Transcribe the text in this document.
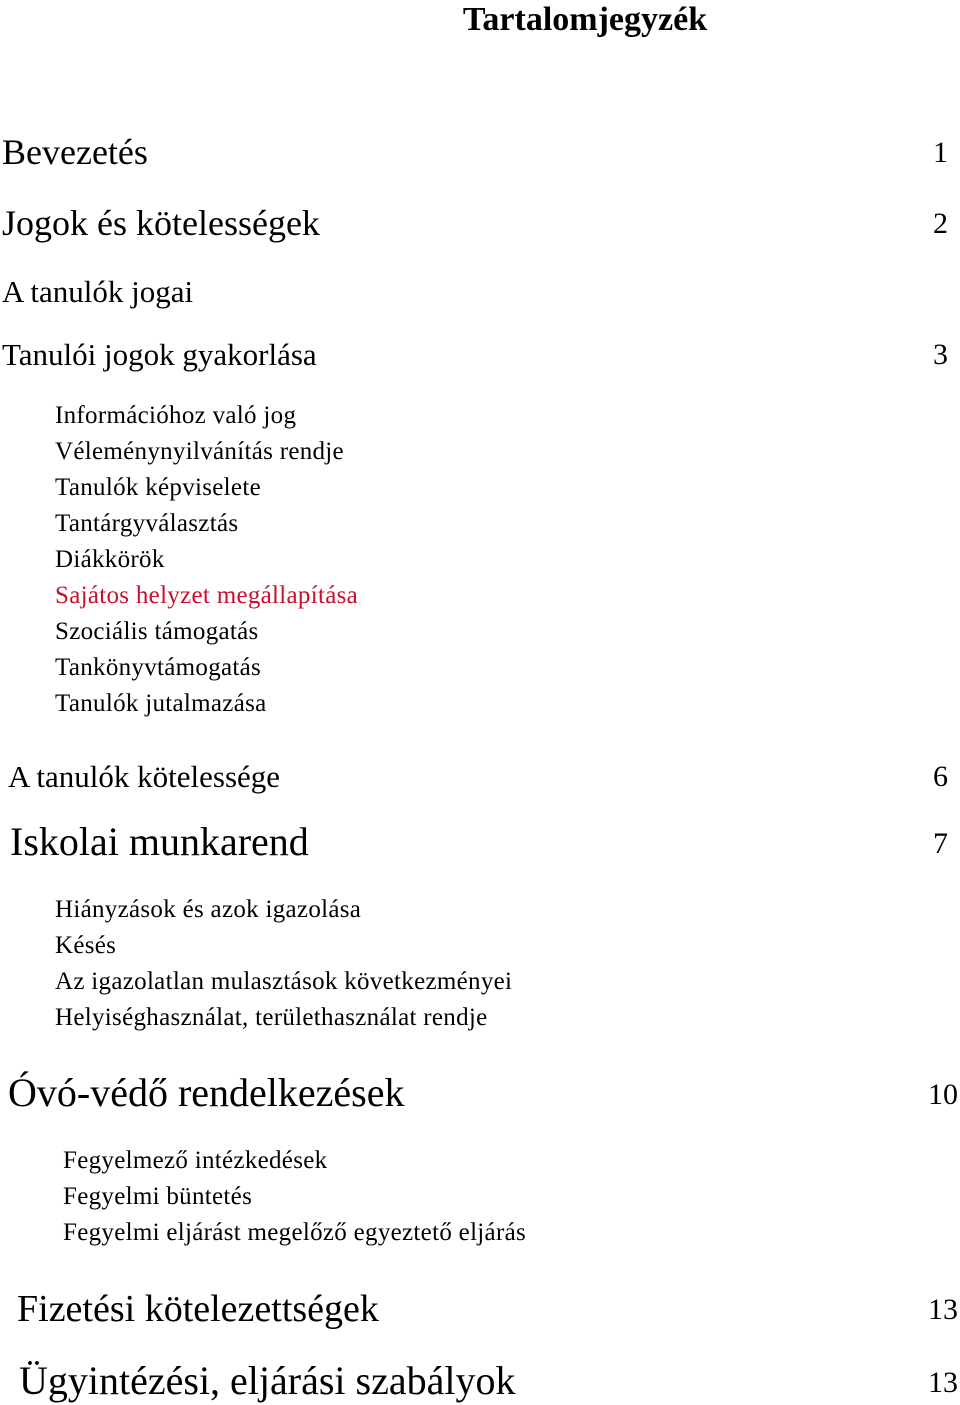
Tartalomjegyzék
Bevezetés	1
Jogok és kötelességek	2
A tanulók jogai
Tanulói jogok gyakorlása	3
Információhoz való jog
Véleménynyilvánítás rendje
Tanulók képviselete
Tantárgyválasztás
Diákkörök
Sajátos helyzet megállapítása
Szociális támogatás
Tankönyvtámogatás
Tanulók jutalmazása
A tanulók kötelessége	6
Iskolai munkarend	7
Hiányzások és azok igazolása
Késés
Az igazolatlan mulasztások következményei
Helyiséghasználat, területhasználat rendje
Óvó-védő rendelkezések	10
Fegyelmező intézkedések
Fegyelmi büntetés
Fegyelmi eljárást megelőző egyeztető eljárás
Fizetési kötelezettségek	13
Ügyintézési, eljárási szabályok	13
